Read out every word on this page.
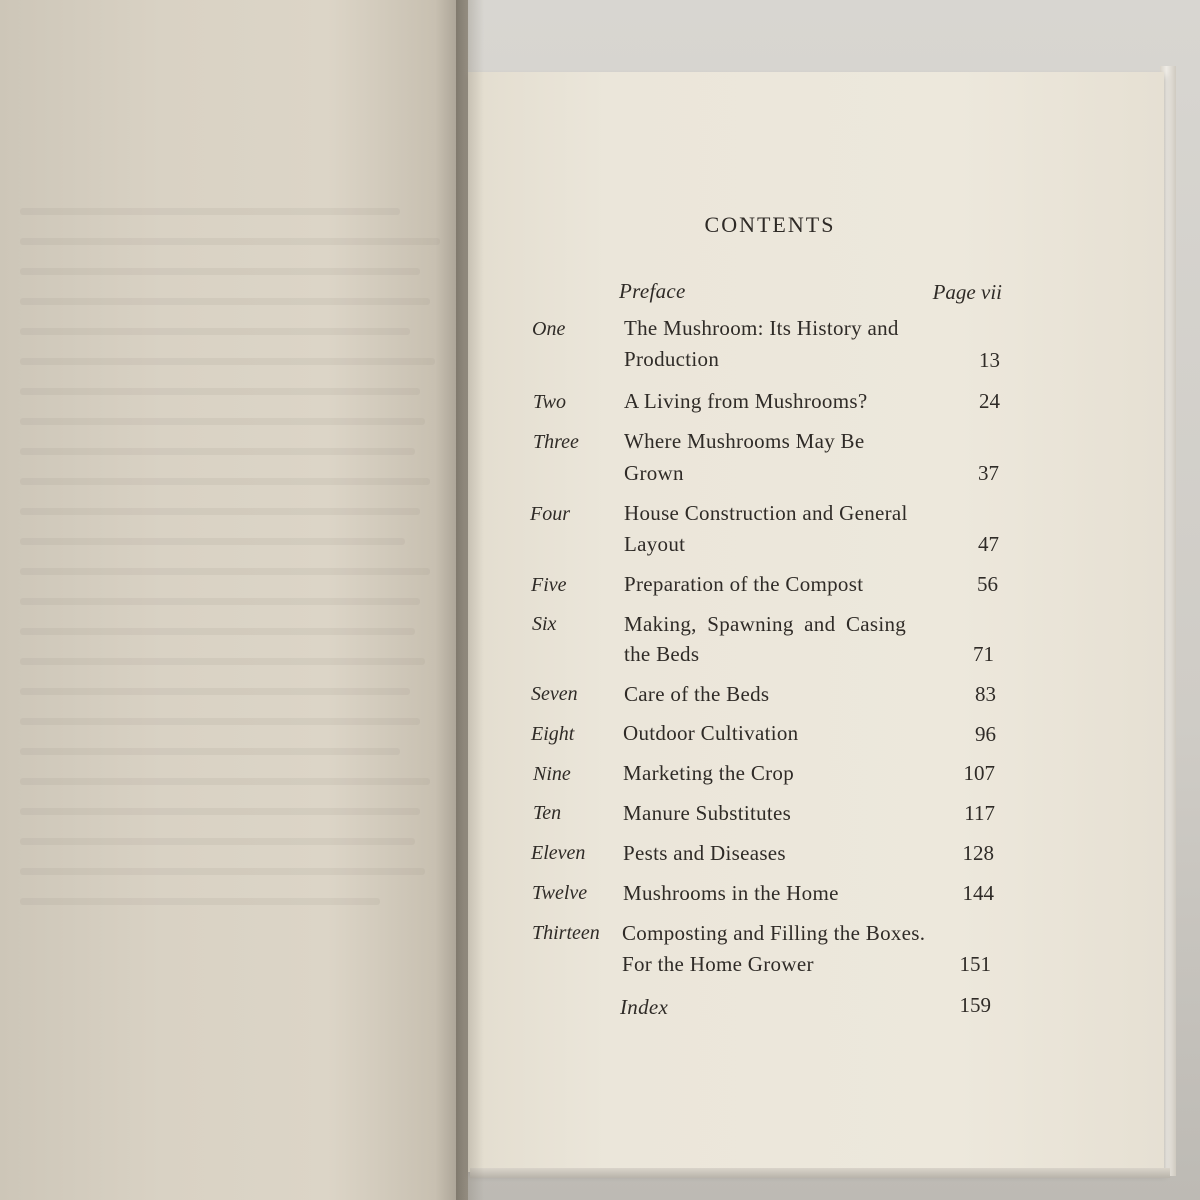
CONTENTS
Preface	Page vii
One	The Mushroom: Its History and
Production	13
Two	A Living from Mushrooms?	24
Three Where Mushrooms May Be
Grown	37
Four	House Construction and General
Layout	47
Five	Preparation of the Compost	56
Six	Making, Spawning and Casing
the Beds	71
Seven Care of the Beds	83
Eight Outdoor Cultivation	96
Nine Marketing the Crop	107
Ten	Manure Substitutes	117
Eleven Pests and Diseases	128
Twelve Mushrooms in the Home	144
Thirteen Composting and Filling the Boxes.
For the Home Grower	151
Index	159
